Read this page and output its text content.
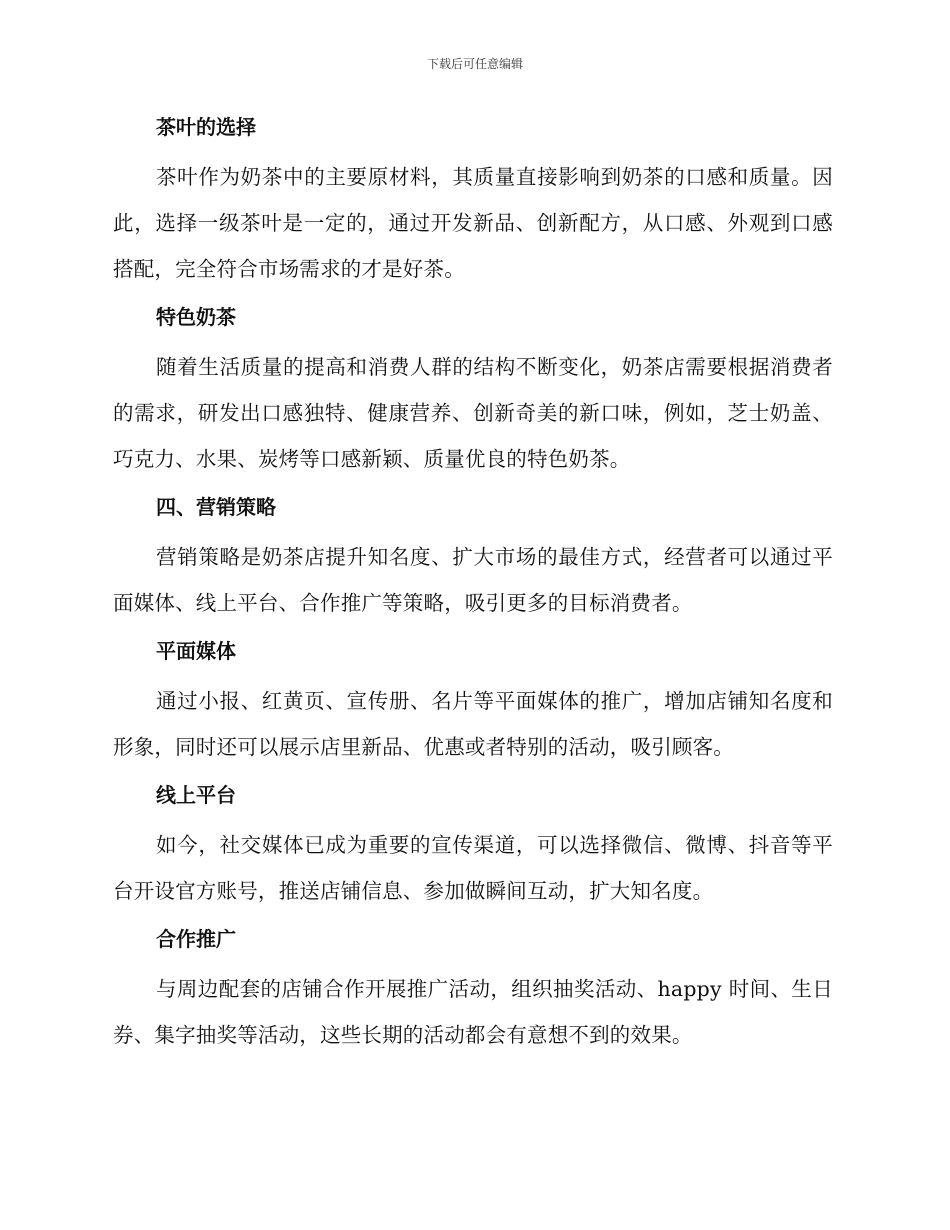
下载后可任意编辑
茶叶的选择

茶叶作为奶茶中的主要原材料，其质量直接影响到奶茶的口感和质量。因此，选择一级茶叶是一定的，通过开发新品、创新配方，从口感、外观到口感搭配，完全符合市场需求的才是好茶。

特色奶茶

随着生活质量的提高和消费人群的结构不断变化，奶茶店需要根据消费者的需求，研发出口感独特、健康营养、创新奇美的新口味，例如，芝士奶盖、巧克力、水果、炭烤等口感新颖、质量优良的特色奶茶。

四、营销策略

营销策略是奶茶店提升知名度、扩大市场的最佳方式，经营者可以通过平面媒体、线上平台、合作推广等策略，吸引更多的目标消费者。

平面媒体

通过小报、红黄页、宣传册、名片等平面媒体的推广，增加店铺知名度和形象，同时还可以展示店里新品、优惠或者特别的活动，吸引顾客。

线上平台

如今，社交媒体已成为重要的宣传渠道，可以选择微信、微博、抖音等平台开设官方账号，推送店铺信息、参加做瞬间互动，扩大知名度。

合作推广

与周边配套的店铺合作开展推广活动，组织抽奖活动、happy 时间、生日券、集字抽奖等活动，这些长期的活动都会有意想不到的效果。
